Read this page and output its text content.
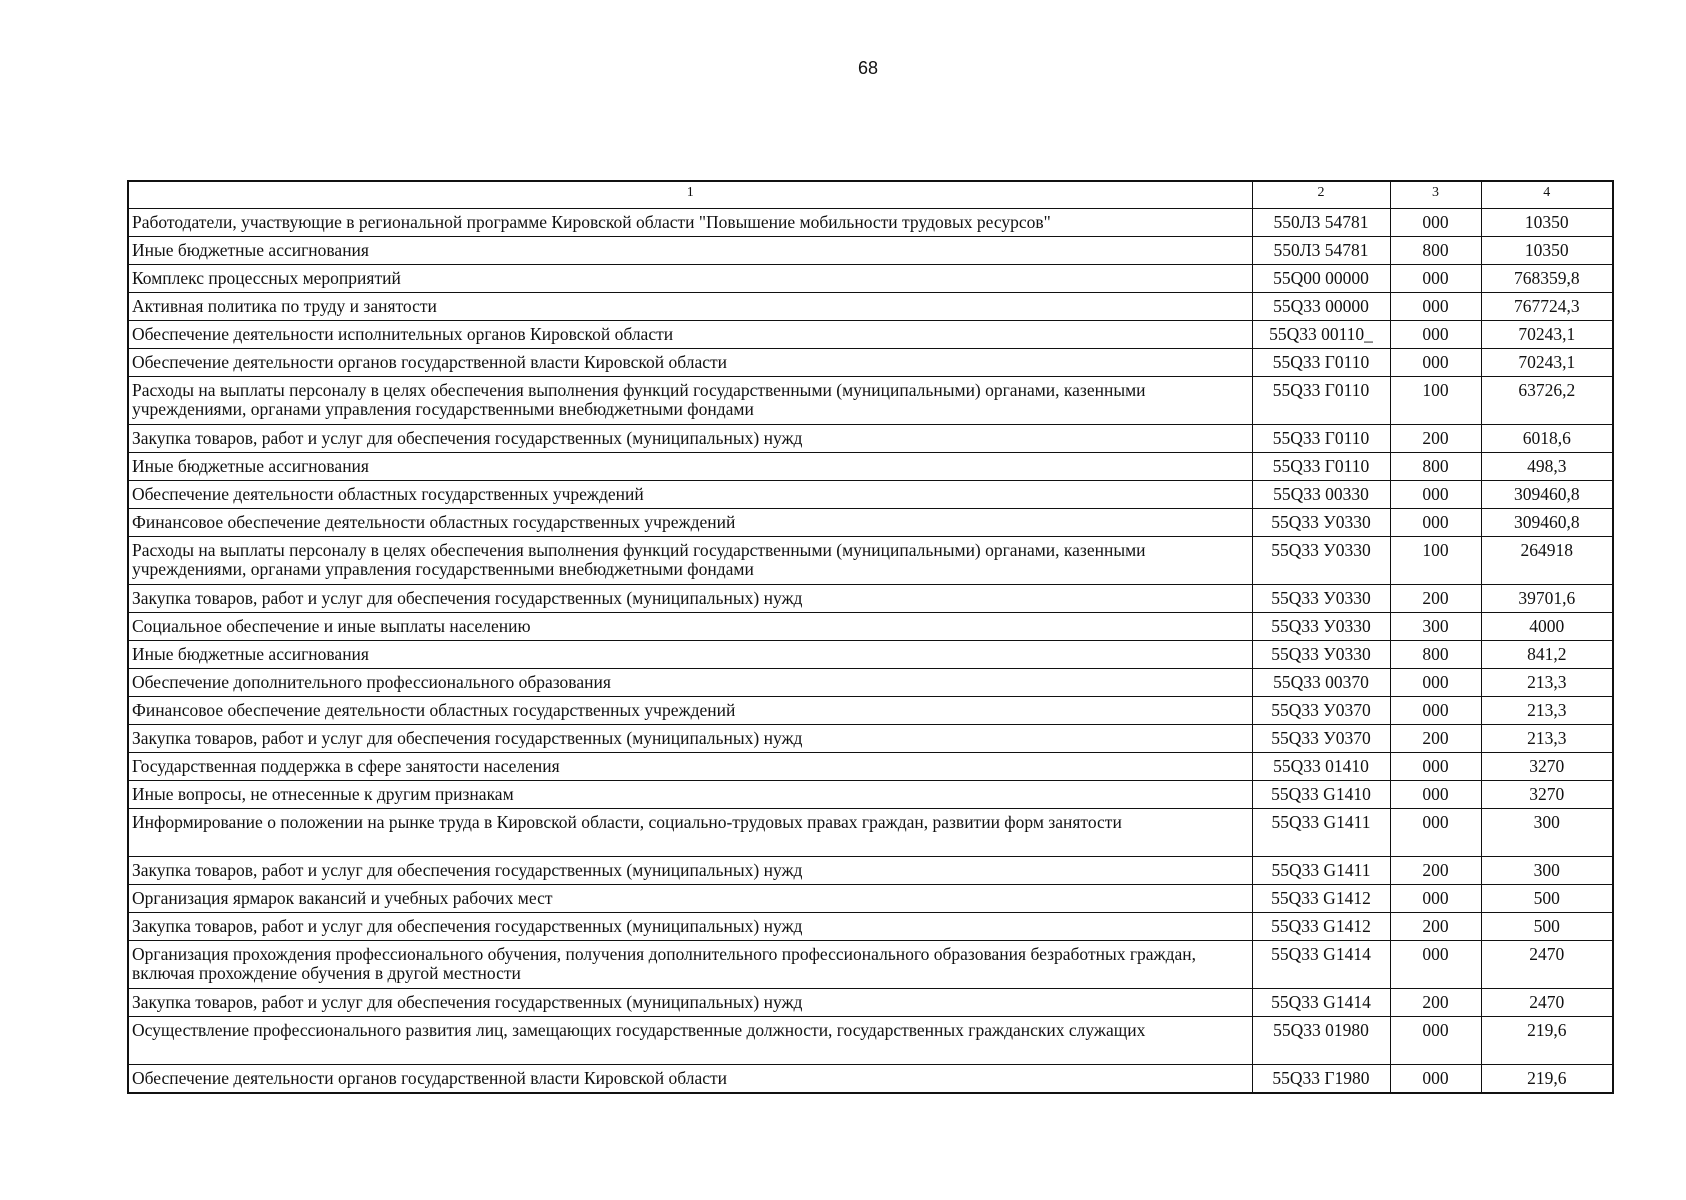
68
1	2	3	4
Работодатели, участвующие в региональной программе Кировской области "Повышение мобильности трудовых ресурсов"	550Л3 54781	000	10350
Иные бюджетные ассигнования	550Л3 54781	800	10350
Комплекс процессных мероприятий	55Q00 00000	000	768359,8
Активная политика по труду и занятости	55Q33 00000	000	767724,3
Обеспечение деятельности исполнительных органов Кировской области	55Q33 00110_	000	70243,1
Обеспечение деятельности органов государственной власти Кировской области	55Q33 Г0110	000	70243,1
Расходы на выплаты персоналу в целях обеспечения выполнения функций государственными (муниципальными) органами, казенными учреждениями, органами управления государственными внебюджетными фондами	55Q33 Г0110	100	63726,2
Закупка товаров, работ и услуг для обеспечения государственных (муниципальных) нужд	55Q33 Г0110	200	6018,6
Иные бюджетные ассигнования	55Q33 Г0110	800	498,3
Обеспечение деятельности областных государственных учреждений	55Q33 00330	000	309460,8
Финансовое обеспечение деятельности областных государственных учреждений	55Q33 У0330	000	309460,8
Расходы на выплаты персоналу в целях обеспечения выполнения функций государственными (муниципальными) органами, казенными учреждениями, органами управления государственными внебюджетными фондами	55Q33 У0330	100	264918
Закупка товаров, работ и услуг для обеспечения государственных (муниципальных) нужд	55Q33 У0330	200	39701,6
Социальное обеспечение и иные выплаты населению	55Q33 У0330	300	4000
Иные бюджетные ассигнования	55Q33 У0330	800	841,2
Обеспечение дополнительного профессионального образования	55Q33 00370	000	213,3
Финансовое обеспечение деятельности областных государственных учреждений	55Q33 У0370	000	213,3
Закупка товаров, работ и услуг для обеспечения государственных (муниципальных) нужд	55Q33 У0370	200	213,3
Государственная поддержка в сфере занятости населения	55Q33 01410	000	3270
Иные вопросы, не отнесенные к другим признакам	55Q33 G1410	000	3270
Информирование о положении на рынке труда в Кировской области, социально-трудовых правах граждан, развитии форм занятости	55Q33 G1411	000	300
Закупка товаров, работ и услуг для обеспечения государственных (муниципальных) нужд	55Q33 G1411	200	300
Организация ярмарок вакансий и учебных рабочих мест	55Q33 G1412	000	500
Закупка товаров, работ и услуг для обеспечения государственных (муниципальных) нужд	55Q33 G1412	200	500
Организация прохождения профессионального обучения, получения дополнительного профессионального образования безработных граждан, включая прохождение обучения в другой местности	55Q33 G1414	000	2470
Закупка товаров, работ и услуг для обеспечения государственных (муниципальных) нужд	55Q33 G1414	200	2470
Осуществление профессионального развития лиц, замещающих государственные должности, государственных гражданских служащих	55Q33 01980	000	219,6
Обеспечение деятельности органов государственной власти Кировской области	55Q33 Г1980	000	219,6
